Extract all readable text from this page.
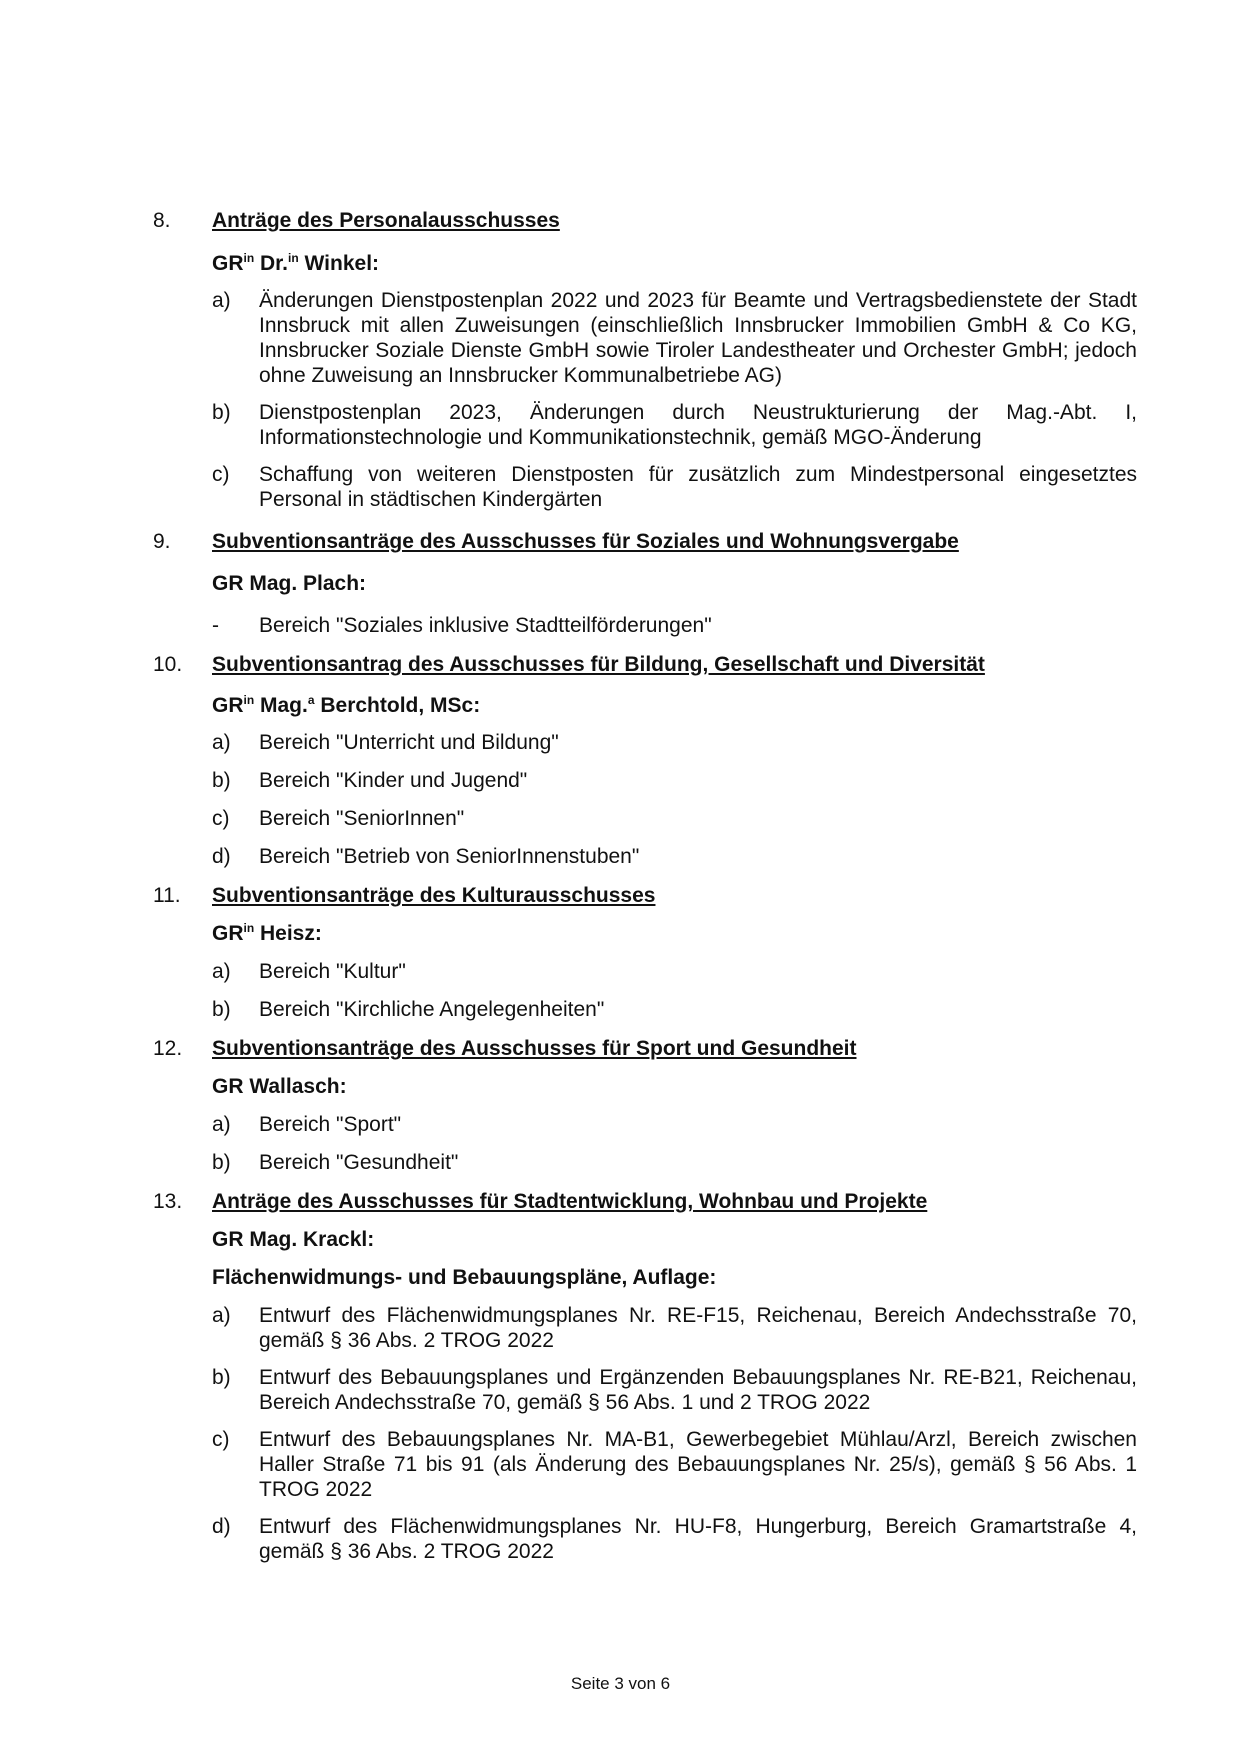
8. Anträge des Personalausschusses
$GR^{in}$ Dr.$^{in}$ Winkel:
a) Änderungen Dienstpostenplan 2022 und 2023 für Beamte und Vertragsbedienstete der Stadt Innsbruck mit allen Zuweisungen (einschließlich Innsbrucker Immobilien GmbH & Co KG, Innsbrucker Soziale Dienste GmbH sowie Tiroler Landestheater und Orchester GmbH; jedoch ohne Zuweisung an Innsbrucker Kommunalbetriebe AG)
b) Dienstpostenplan 2023, Änderungen durch Neustrukturierung der Mag.-Abt. I, Informationstechnologie und Kommunikationstechnik, gemäß MGO-Änderung
c) Schaffung von weiteren Dienstposten für zusätzlich zum Mindestpersonal eingesetztes Personal in städtischen Kindergärten
9. Subventionsanträge des Ausschusses für Soziales und Wohnungsvergabe
GR Mag. Plach:
- Bereich "Soziales inklusive Stadtteilförderungen"
10. Subventionsantrag des Ausschusses für Bildung, Gesellschaft und Diversität
$GR^{in}$ Mag.$^a$ Berchtold, MSc:
a) Bereich "Unterricht und Bildung"
b) Bereich "Kinder und Jugend"
c) Bereich "SeniorInnen"
d) Bereich "Betrieb von SeniorInnenstuben"
11. Subventionsanträge des Kulturausschusses
$GR^{in}$ Heisz:
a) Bereich "Kultur"
b) Bereich "Kirchliche Angelegenheiten"
12. Subventionsanträge des Ausschusses für Sport und Gesundheit
GR Wallasch:
a) Bereich "Sport"
b) Bereich "Gesundheit"
13. Anträge des Ausschusses für Stadtentwicklung, Wohnbau und Projekte
GR Mag. Krackl:
Flächenwidmungs- und Bebauungspläne, Auflage:
a) Entwurf des Flächenwidmungsplanes Nr. RE-F15, Reichenau, Bereich Andechsstraße 70, gemäß § 36 Abs. 2 TROG 2022
b) Entwurf des Bebauungsplanes und Ergänzenden Bebauungsplanes Nr. RE-B21, Reichenau, Bereich Andechsstraße 70, gemäß § 56 Abs. 1 und 2 TROG 2022
c) Entwurf des Bebauungsplanes Nr. MA-B1, Gewerbegebiet Mühlau/Arzl, Bereich zwischen Haller Straße 71 bis 91 (als Änderung des Bebauungsplanes Nr. 25/s), gemäß § 56 Abs. 1 TROG 2022
d) Entwurf des Flächenwidmungsplanes Nr. HU-F8, Hungerburg, Bereich Gramartstraße 4, gemäß § 36 Abs. 2 TROG 2022
Seite 3 von 6
